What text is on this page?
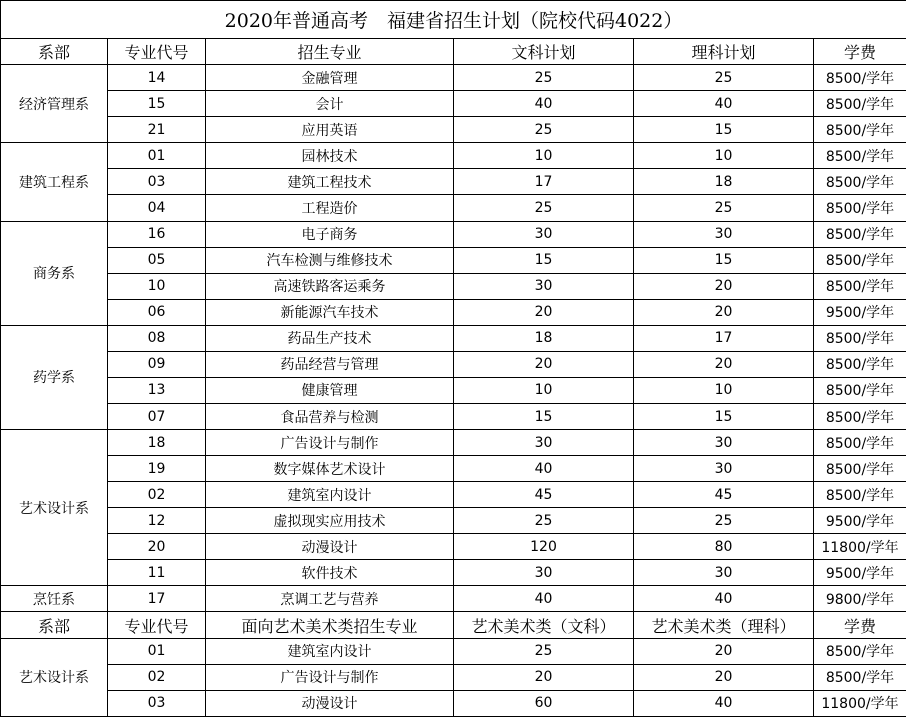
2020年普通高考　福建省招生计划（院校代码4022）					
系部	专业代号	招生专业	文科计划	理科计划	学费
经济管理系	14	金融管理	25	25	8500/学年
	15	会计	40	40	8500/学年
	21	应用英语	25	15	8500/学年
建筑工程系	01	园林技术	10	10	8500/学年
	03	建筑工程技术	17	18	8500/学年
	04	工程造价	25	25	8500/学年
商务系	16	电子商务	30	30	8500/学年
	05	汽车检测与维修技术	15	15	8500/学年
	10	高速铁路客运乘务	30	20	8500/学年
	06	新能源汽车技术	20	20	9500/学年
药学系	08	药品生产技术	18	17	8500/学年
	09	药品经营与管理	20	20	8500/学年
	13	健康管理	10	10	8500/学年
	07	食品营养与检测	15	15	8500/学年
艺术设计系	18	广告设计与制作	30	30	8500/学年
	19	数字媒体艺术设计	40	30	8500/学年
	02	建筑室内设计	45	45	8500/学年
	12	虚拟现实应用技术	25	25	9500/学年
	20	动漫设计	120	80	11800/学年
	11	软件技术	30	30	9500/学年
烹饪系	17	烹调工艺与营养	40	40	9800/学年
系部	专业代号	面向艺术美术类招生专业	艺术美术类（文科）	艺术美术类（理科）	学费
艺术设计系	01	建筑室内设计	25	20	8500/学年
	02	广告设计与制作	20	20	8500/学年
	03	动漫设计	60	40	11800/学年
